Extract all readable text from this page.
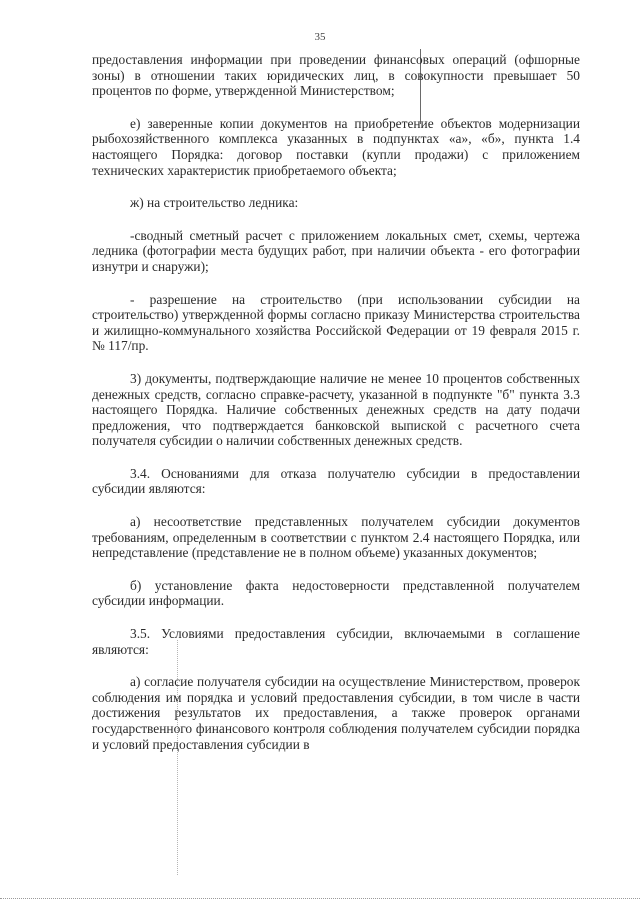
35

предоставления информации при проведении финансовых операций (офшорные зоны) в отношении таких юридических лиц, в совокупности превышает 50 процентов по форме, утвержденной Министерством;

е) заверенные копии документов на приобретение объектов модернизации рыбохозяйственного комплекса указанных в подпунктах «а», «б», пункта 1.4 настоящего Порядка: договор поставки (купли продажи) с приложением технических характеристик приобретаемого объекта;

ж) на строительство ледника:

-сводный сметный расчет с приложением локальных смет, схемы, чертежа ледника (фотографии места будущих работ, при наличии объекта - его фотографии изнутри и снаружи);

- разрешение на строительство (при использовании субсидии на строительство) утвержденной формы согласно приказу Министерства строительства и жилищно-коммунального хозяйства Российской Федерации от 19 февраля 2015 г. № 117/пр.

3) документы, подтверждающие наличие не менее 10 процентов собственных денежных средств, согласно справке-расчету, указанной в подпункте "б" пункта 3.3 настоящего Порядка. Наличие собственных денежных средств на дату подачи предложения, что подтверждается банковской выпиской с расчетного счета получателя субсидии о наличии собственных денежных средств.

3.4. Основаниями для отказа получателю субсидии в предоставлении субсидии являются:

а) несоответствие представленных получателем субсидии документов требованиям, определенным в соответствии с пунктом 2.4 настоящего Порядка, или непредставление (представление не в полном объеме) указанных документов;

б) установление факта недостоверности представленной получателем субсидии информации.

3.5. Условиями предоставления субсидии, включаемыми в соглашение являются:

а) согласие получателя субсидии на осуществление Министерством, проверок соблюдения им порядка и условий предоставления субсидии, в том числе в части достижения результатов их предоставления, а также проверок органами государственного финансового контроля соблюдения получателем субсидии порядка и условий предоставления субсидии в
